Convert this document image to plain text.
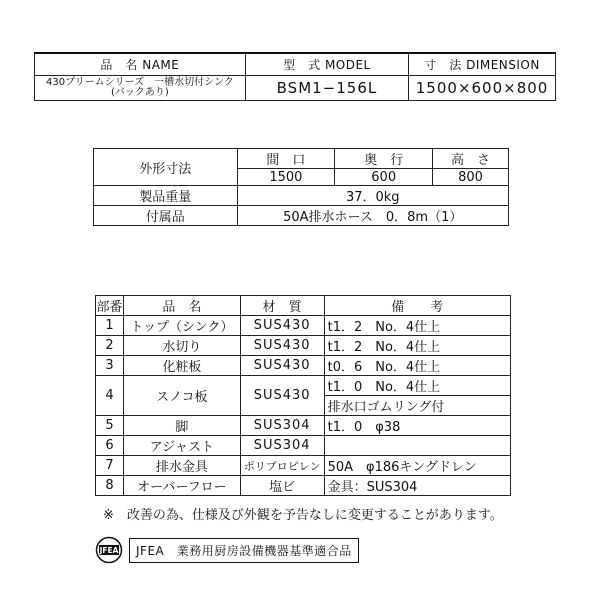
品　名 NAME	型　式 MODEL	寸　法 DIMENSION

430プリームシリーズ　一槽水切付シンク
(バックあり)	BSM1−156L	1500×600×800
外形寸法	間　口	奥　行	高　さ
	1500	600	800
製品重量	37．0kg		
付属品	50A排水ホース　0．8m（1）		
部番	品　名	材　質	備　　考
1	トップ（シンク）	SUS430	t1．2　No．4仕上
2	水切り	SUS430	t1．2　No．4仕上
3	化粧板	SUS430	t0．6　No．4仕上
4	スノコ板	SUS430	t1．0　No．4仕上
			排水口ゴムリング付
5	脚	SUS304	t1．0　φ38
6	アジャスト	SUS304	
7	排水金具	ポリプロピレン	50A　φ186キングドレン
8	オーバーフロー	塩ビ	金具：SUS304
※　改善の為、仕様及び外観を予告なしに変更することがあります。
JFEA	JFEA　業務用厨房設備機器基準適合品
